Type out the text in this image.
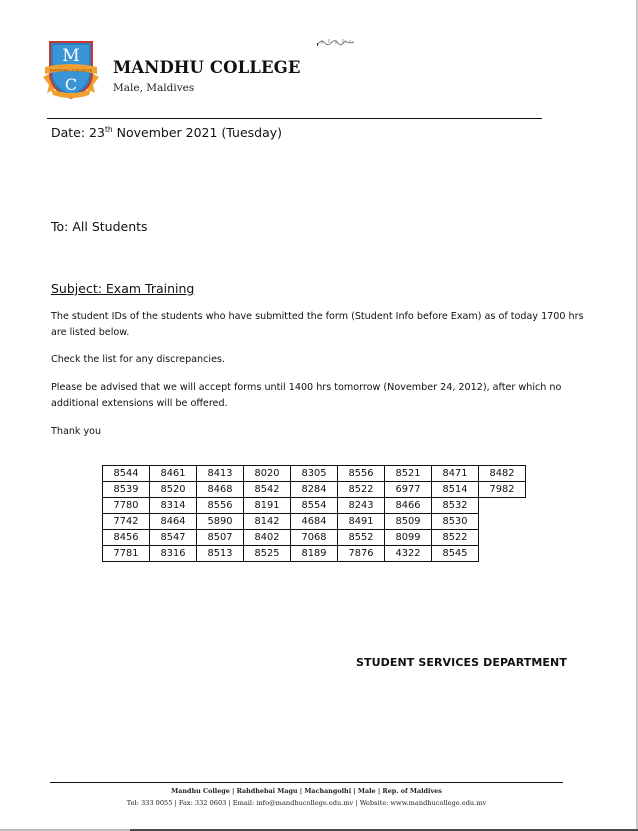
MANDHU COLLEGE
M
C
MANDHU COLLEGE
Male, Maldives
Date: 23th November 2021 (Tuesday)
To: All Students
Subject: Exam Training
The student IDs of the students who have submitted the form (Student Info before Exam) as of today 1700 hrs are listed below.
Check the list for any discrepancies.
Please be advised that we will accept forms until 1400 hrs tomorrow (November 24, 2012), after which no additional extensions will be offered.
Thank you
8544	8461	8413	8020	8305	8556	8521	8471	8482
8539	8520	8468	8542	8284	8522	6977	8514	7982
7780	8314	8556	8191	8554	8243	8466	8532	
7742	8464	5890	8142	4684	8491	8509	8530	
8456	8547	8507	8402	7068	8552	8099	8522	
7781	8316	8513	8525	8189	7876	4322	8545	
STUDENT SERVICES DEPARTMENT
Mandhu College | Rahdhebai Magu | Machangolhi | Male | Rep. of Maldives
Tel: 333 0055 | Fax: 332 0603 | Email: info@mandhucollege.edu.mv | Website: www.mandhucollege.edu.mv
